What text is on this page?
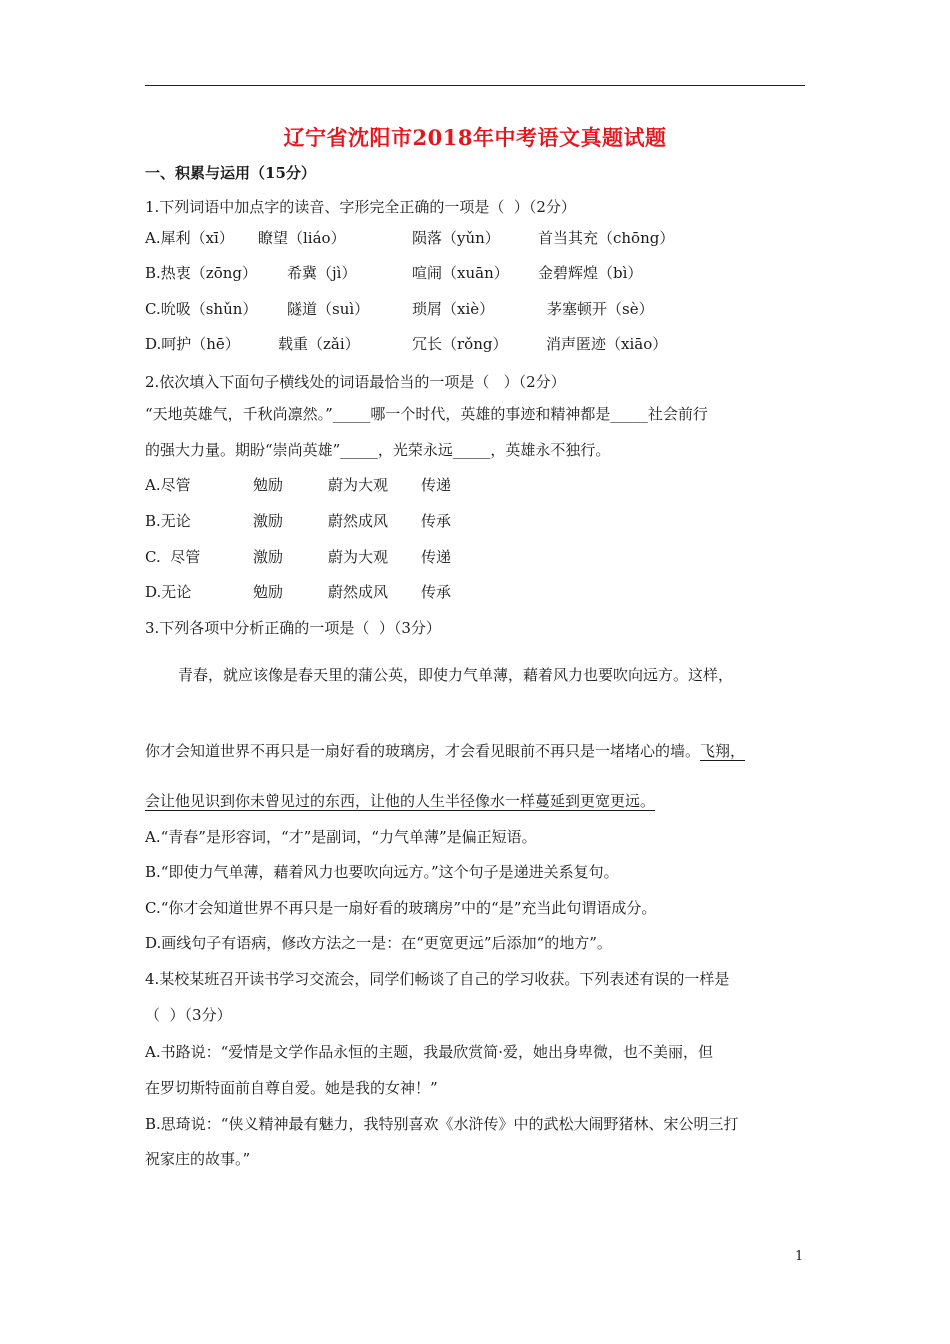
辽宁省沈阳市2018年中考语文真题试题
一、积累与运用（15分）
1.下列词语中加点字的读音、字形完全正确的一项是（  ）（2分）
A.犀利（xī） 瞭望（liáo）	陨落（yǔn）	首当其充（chōng）
B.热衷（zōng） 希冀（jì）	喧闹（xuān） 金碧辉煌（bì）
C.吮吸（shǔn） 隧道（suì）	琐屑（xiè）	茅塞顿开（sè）
D.呵护（hē）	载重（zǎi）	冗长（rǒng）	消声匿迹（xiāo）
2.依次填入下面句子横线处的词语最恰当的一项是（   ）（2分）
“天地英雄气，千秋尚凛然。”_____哪一个时代，英雄的事迹和精神都是_____社会前行
的强大力量。期盼“崇尚英雄”_____，光荣永远_____，英雄永不独行。
A.尽管	勉励	蔚为大观 传递
B.无论	激励	蔚然成风 传承
C.  尽管	激励	蔚为大观 传递
D.无论	勉励	蔚然成风 传承
3.下列各项中分析正确的一项是（  ）（3分）
青春，就应该像是春天里的蒲公英，即使力气单薄，藉着风力也要吹向远方。这样，
你才会知道世界不再只是一扇好看的玻璃房，才会看见眼前不再只是一堵堵心的墙。飞翔，
会让他见识到你未曾见过的东西，让他的人生半径像水一样蔓延到更宽更远。
A.“青春”是形容词，“才”是副词，“力气单薄”是偏正短语。
B.“即使力气单薄，藉着风力也要吹向远方。”这个句子是递进关系复句。
C.“你才会知道世界不再只是一扇好看的玻璃房”中的“是”充当此句谓语成分。
D.画线句子有语病，修改方法之一是：在“更宽更远”后添加“的地方”。
4.某校某班召开读书学习交流会，同学们畅谈了自己的学习收获。下列表述有误的一样是
（  ）（3分）
A.书路说：“爱情是文学作品永恒的主题，我最欣赏简·爱，她出身卑微，也不美丽，但
在罗切斯特面前自尊自爱。她是我的女神！”
B.思琦说：“侠义精神最有魅力，我特别喜欢《水浒传》中的武松大闹野猪林、宋公明三打
祝家庄的故事。”
1
